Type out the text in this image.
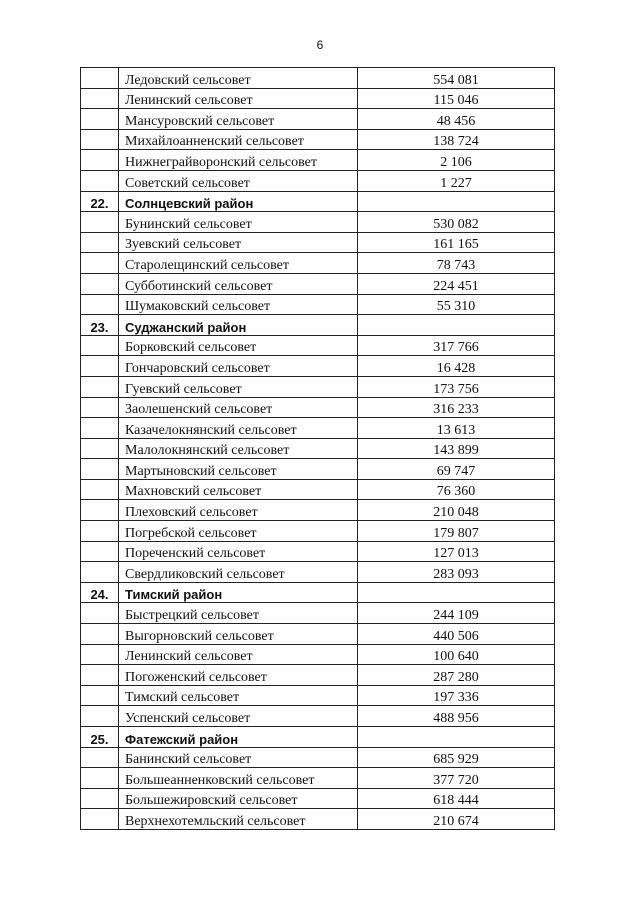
6
	Ледовский сельсовет	554 081
	Ленинский сельсовет	115 046
	Мансуровский сельсовет	48 456
	Михайлоанненский сельсовет	138 724
	Нижнеграйворонский сельсовет	2 106
	Советский сельсовет	1 227
22.	Солнцевский район	
	Бунинский сельсовет	530 082
	Зуевский сельсовет	161 165
	Старолещинский сельсовет	78 743
	Субботинский сельсовет	224 451
	Шумаковский сельсовет	55 310
23.	Суджанский район	
	Борковский сельсовет	317 766
	Гончаровский сельсовет	16 428
	Гуевский сельсовет	173 756
	Заолешенский сельсовет	316 233
	Казачелокнянский сельсовет	13 613
	Малолокнянский сельсовет	143 899
	Мартыновский сельсовет	69 747
	Махновский сельсовет	76 360
	Плеховский сельсовет	210 048
	Погребской сельсовет	179 807
	Пореченский сельсовет	127 013
	Свердликовский сельсовет	283 093
24.	Тимский район	
	Быстрецкий сельсовет	244 109
	Выгорновский сельсовет	440 506
	Ленинский сельсовет	100 640
	Погоженский сельсовет	287 280
	Тимский сельсовет	197 336
	Успенский сельсовет	488 956
25.	Фатежский район	
	Банинский сельсовет	685 929
	Большеанненковский сельсовет	377 720
	Большежировский сельсовет	618 444
	Верхнехотемльский сельсовет	210 674
